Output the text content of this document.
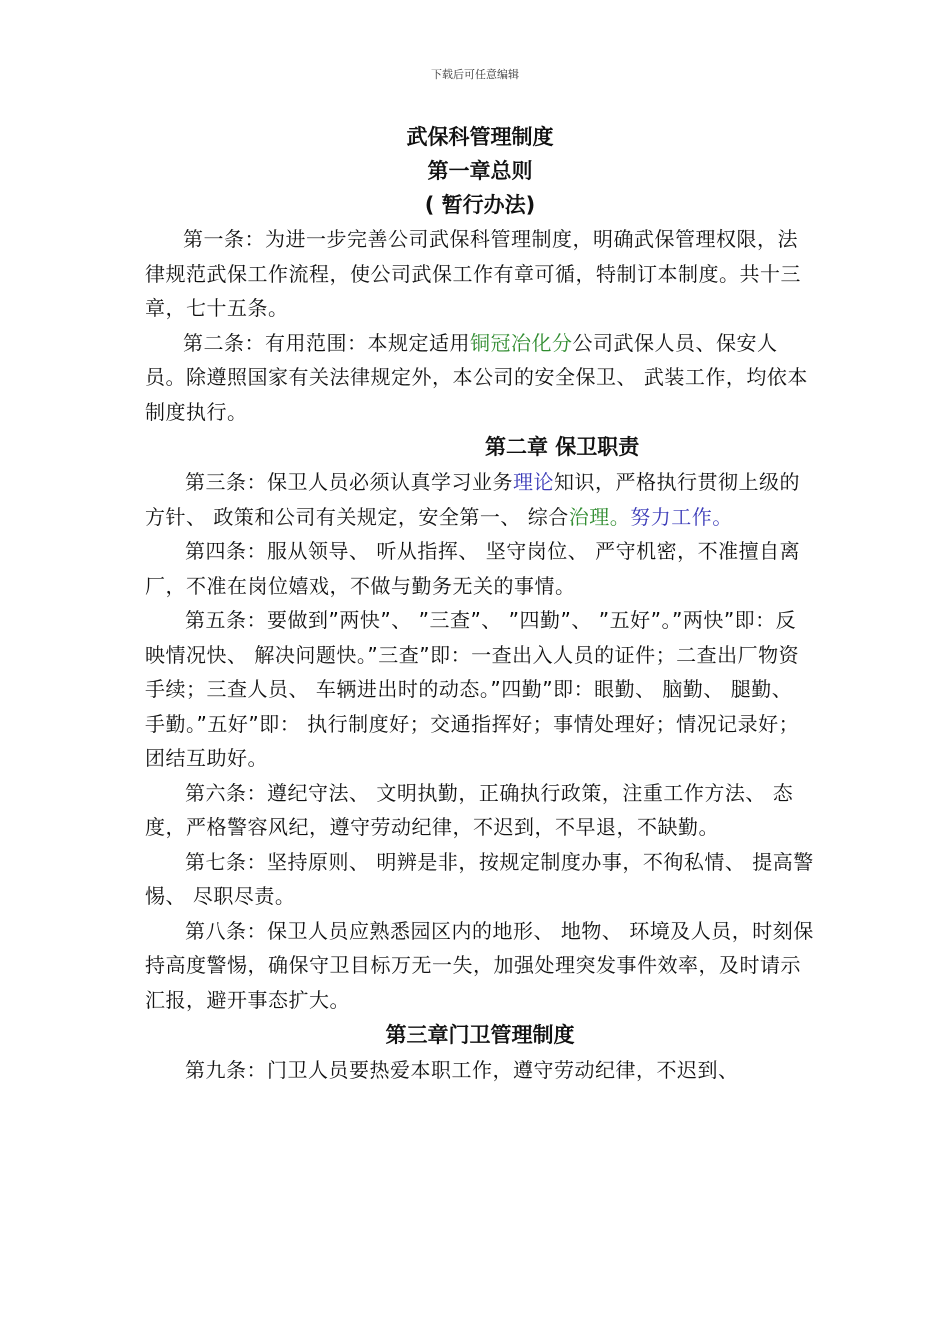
下载后可任意编辑

武保科管理制度

第一章总则

( 暂行办法)

第一条：为进一步完善公司武保科管理制度，明确武保管理权限，法律规范武保工作流程，使公司武保工作有章可循，特制订本制度。共十三章，七十五条。

第二条：有用范围：本规定适用铜冠冶化分公司武保人员、保安人员。除遵照国家有关法律规定外，本公司的安全保卫、 武装工作，均依本制度执行。

第二章 保卫职责

第三条：保卫人员必须认真学习业务理论知识，严格执行贯彻上级的方针、 政策和公司有关规定，安全第一、 综合治理。努力工作。

第四条：服从领导、 听从指挥、 坚守岗位、 严守机密，不准擅自离厂，不准在岗位嬉戏，不做与勤务无关的事情。

第五条：要做到”两快”、 ”三查”、 ”四勤”、 ”五好”。”两快”即：反映情况快、 解决问题快。”三查”即：一查出入人员的证件；二查出厂物资手续；三查人员、 车辆进出时的动态。”四勤”即：眼勤、 脑勤、 腿勤、 手勤。”五好”即： 执行制度好；交通指挥好；事情处理好；情况记录好；团结互助好。

第六条：遵纪守法、 文明执勤，正确执行政策，注重工作方法、 态度，严格警容风纪，遵守劳动纪律，不迟到，不早退，不缺勤。

第七条：坚持原则、 明辨是非，按规定制度办事，不徇私情、 提高警惕、 尽职尽责。

第八条：保卫人员应熟悉园区内的地形、 地物、 环境及人员，时刻保持高度警惕，确保守卫目标万无一失，加强处理突发事件效率，及时请示汇报，避开事态扩大。

第三章门卫管理制度

第九条：门卫人员要热爱本职工作，遵守劳动纪律，不迟到、
